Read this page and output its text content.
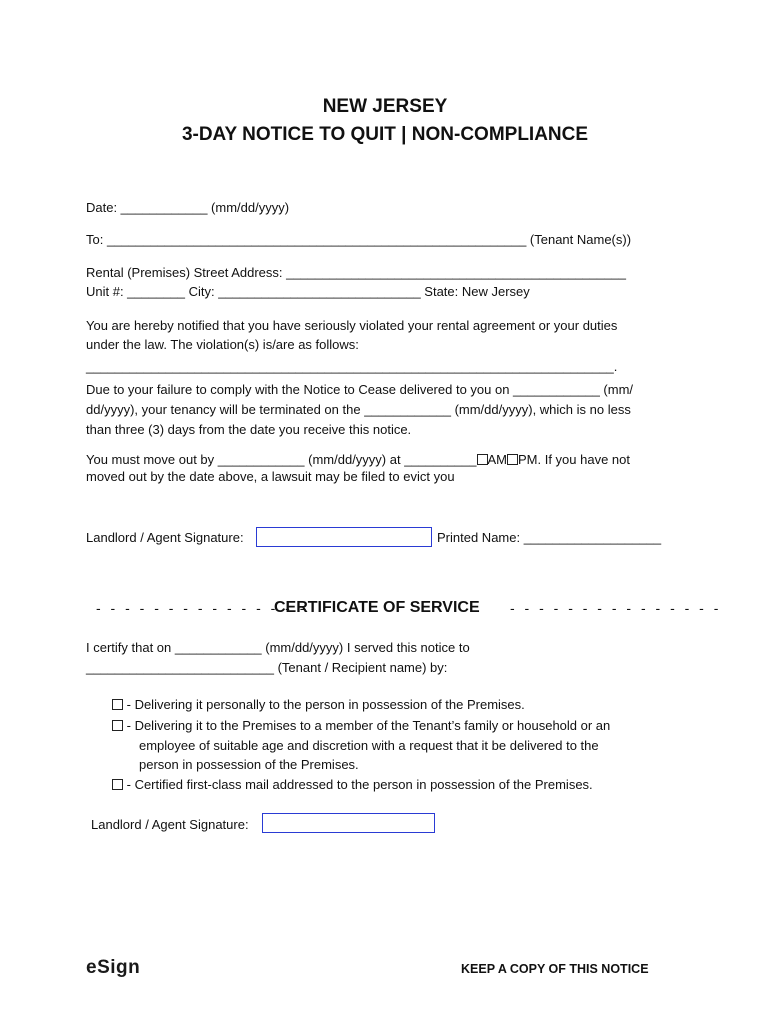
NEW JERSEY
3-DAY NOTICE TO QUIT | NON-COMPLIANCE
Date: ____________ (mm/dd/yyyy)
To: __________________________________________________________ (Tenant Name(s))
Rental (Premises) Street Address: _______________________________________________
Unit #: ________ City: ____________________________ State: New Jersey
You are hereby notified that you have seriously violated your rental agreement or your duties
under the law. The violation(s) is/are as follows:
_________________________________________________________________________.
Due to your failure to comply with the Notice to Cease delivered to you on ____________ (mm/
dd/yyyy), your tenancy will be terminated on the ____________ (mm/dd/yyyy), which is no less
than three (3) days from the date you receive this notice.
You must move out by ____________ (mm/dd/yyyy) at __________ AM PM. If you have not
moved out by the date above, a lawsuit may be filed to evict you
Landlord / Agent Signature:	Printed Name: ___________________
- - - - - - - - - - - - - - -
CERTIFICATE OF SERVICE - - - - - - - - - - - - - - -
I certify that on ____________ (mm/dd/yyyy) I served this notice to
__________________________ (Tenant / Recipient name) by:
- Delivering it personally to the person in possession of the Premises.
- Delivering it to the Premises to a member of the Tenant’s family or household or an
employee of suitable age and discretion with a request that it be delivered to the
person in possession of the Premises.
- Certified first-class mail addressed to the person in possession of the Premises.
Landlord / Agent Signature:
eSign	KEEP A COPY OF THIS NOTICE
